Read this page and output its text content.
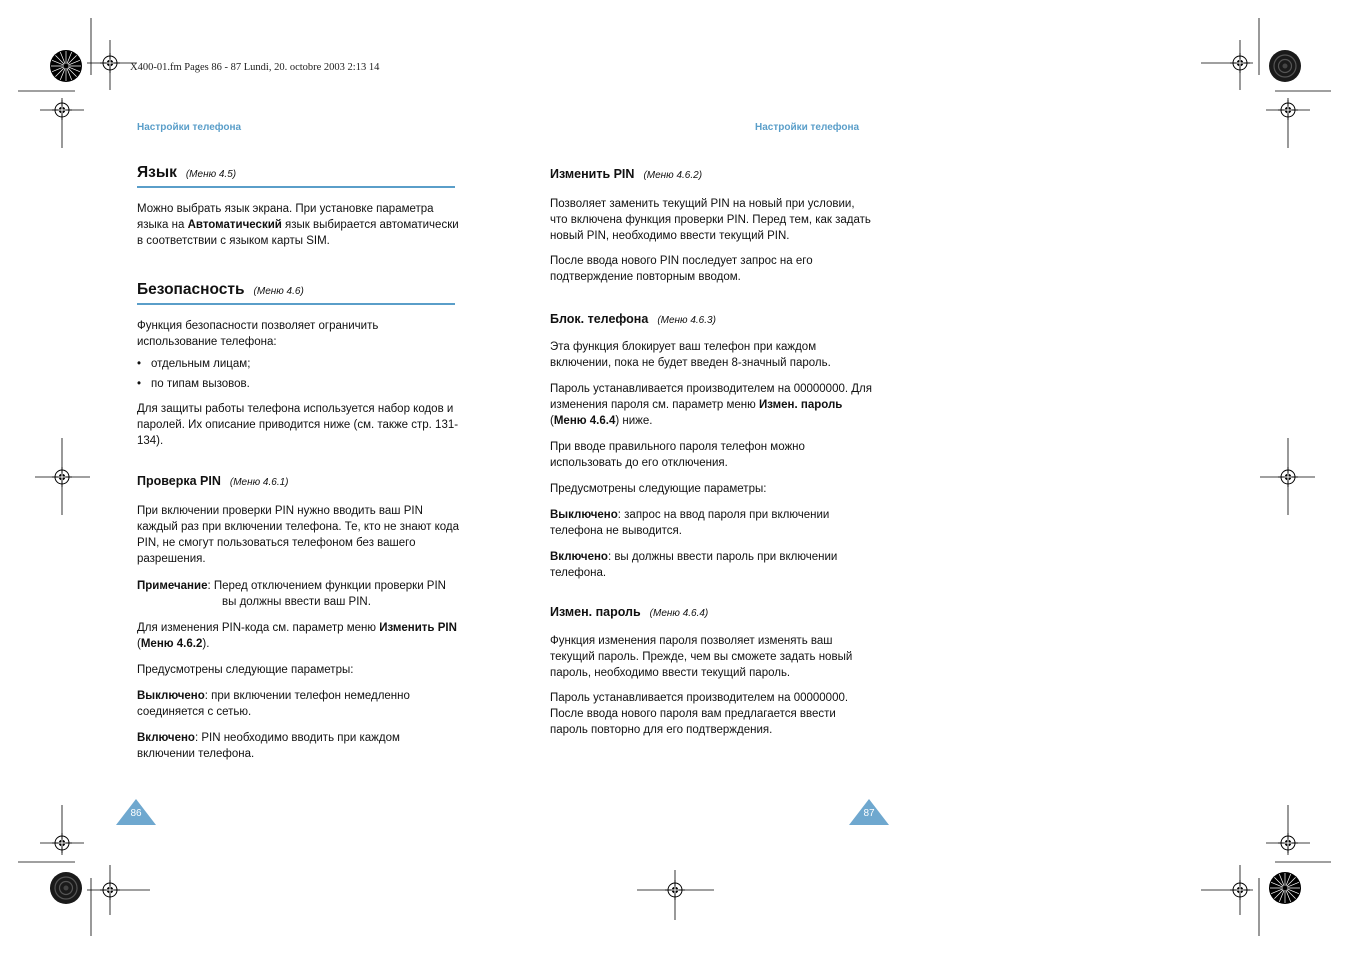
X400-01.fm Pages 86 - 87 Lundi, 20. octobre 2003 2:13 14
Настройки телефона	Настройки телефона
Язык (Меню 4.5)

Можно выбрать язык экрана. При установке параметра языка на Автоматический язык выбирается автоматически в соответствии с языком карты SIM.

Безопасность (Меню 4.6)

Функция безопасности позволяет ограничить использование телефона:

• отдельным лицам;

• по типам вызовов.

Для защиты работы телефона используется набор кодов и паролей. Их описание приводится ниже (см. также стр. 131-134).

Проверка PIN (Меню 4.6.1)

При включении проверки PIN нужно вводить ваш PIN каждый раз при включении телефона. Те, кто не знают кода PIN, не смогут пользоваться телефоном без вашего разрешения.

Примечание: Перед отключением функции проверки PIN вы должны ввести ваш PIN.

Для изменения PIN-кода см. параметр меню Изменить PIN (Меню 4.6.2).

Предусмотрены следующие параметры:

Выключено: при включении телефон немедленно соединяется с сетью.

Включено: PIN необходимо вводить при каждом включении телефона.

Изменить PIN (Меню 4.6.2)

Позволяет заменить текущий PIN на новый при условии, что включена функция проверки PIN. Перед тем, как задать новый PIN, необходимо ввести текущий PIN.

После ввода нового PIN последует запрос на его подтверждение повторным вводом.

Блок. телефона (Меню 4.6.3)

Эта функция блокирует ваш телефон при каждом включении, пока не будет введен 8-значный пароль.

Пароль устанавливается производителем на 00000000. Для изменения пароля см. параметр меню Измен. пароль (Меню 4.6.4) ниже.

При вводе правильного пароля телефон можно использовать до его отключения.

Предусмотрены следующие параметры:

Выключено: запрос на ввод пароля при включении телефона не выводится.

Включено: вы должны ввести пароль при включении телефона.

Измен. пароль (Меню 4.6.4)

Функция изменения пароля позволяет изменять ваш текущий пароль. Прежде, чем вы сможете задать новый пароль, необходимо ввести текущий пароль.

Пароль устанавливается производителем на 00000000. После ввода нового пароля вам предлагается ввести пароль повторно для его подтверждения.

86	87
